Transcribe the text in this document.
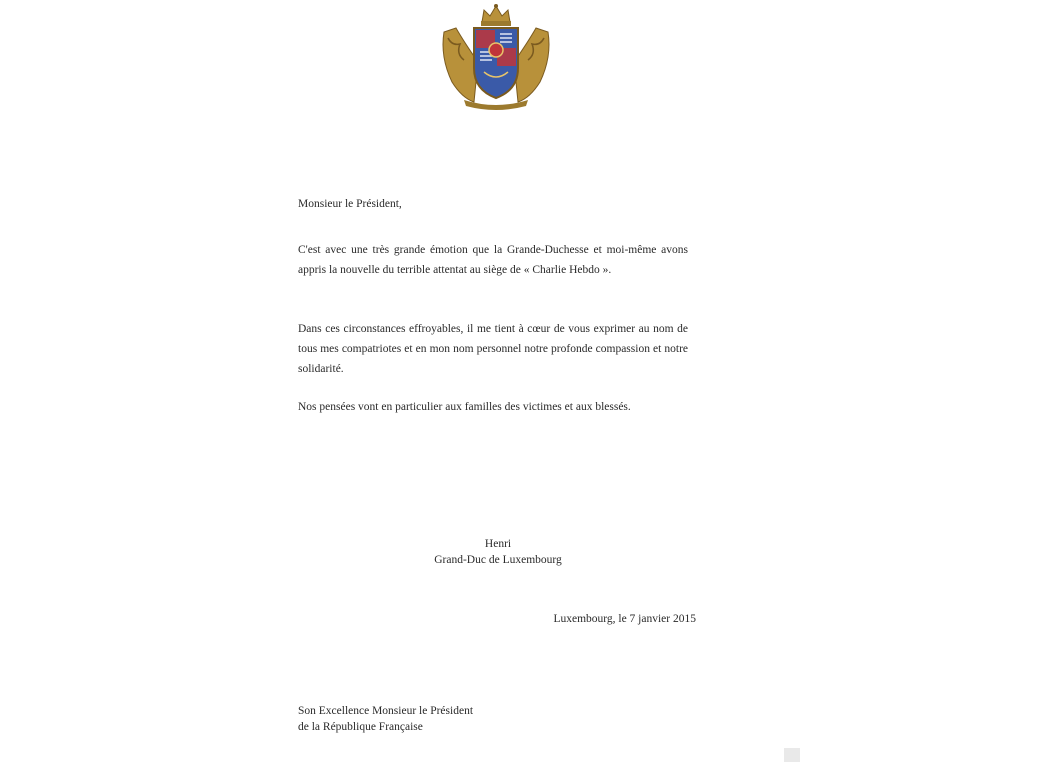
Monsieur le Président,
C'est avec une très grande émotion que la Grande-Duchesse et moi-même avons appris la nouvelle du terrible attentat au siège de « Charlie Hebdo ».
Dans ces circonstances effroyables, il me tient à cœur de vous exprimer au nom de tous mes compatriotes et en mon nom personnel notre profonde compassion et notre solidarité.
Nos pensées vont en particulier aux familles des victimes et aux blessés.
Henri
Grand-Duc de Luxembourg
Luxembourg, le 7 janvier 2015
Son Excellence Monsieur le Président
de la République Française
